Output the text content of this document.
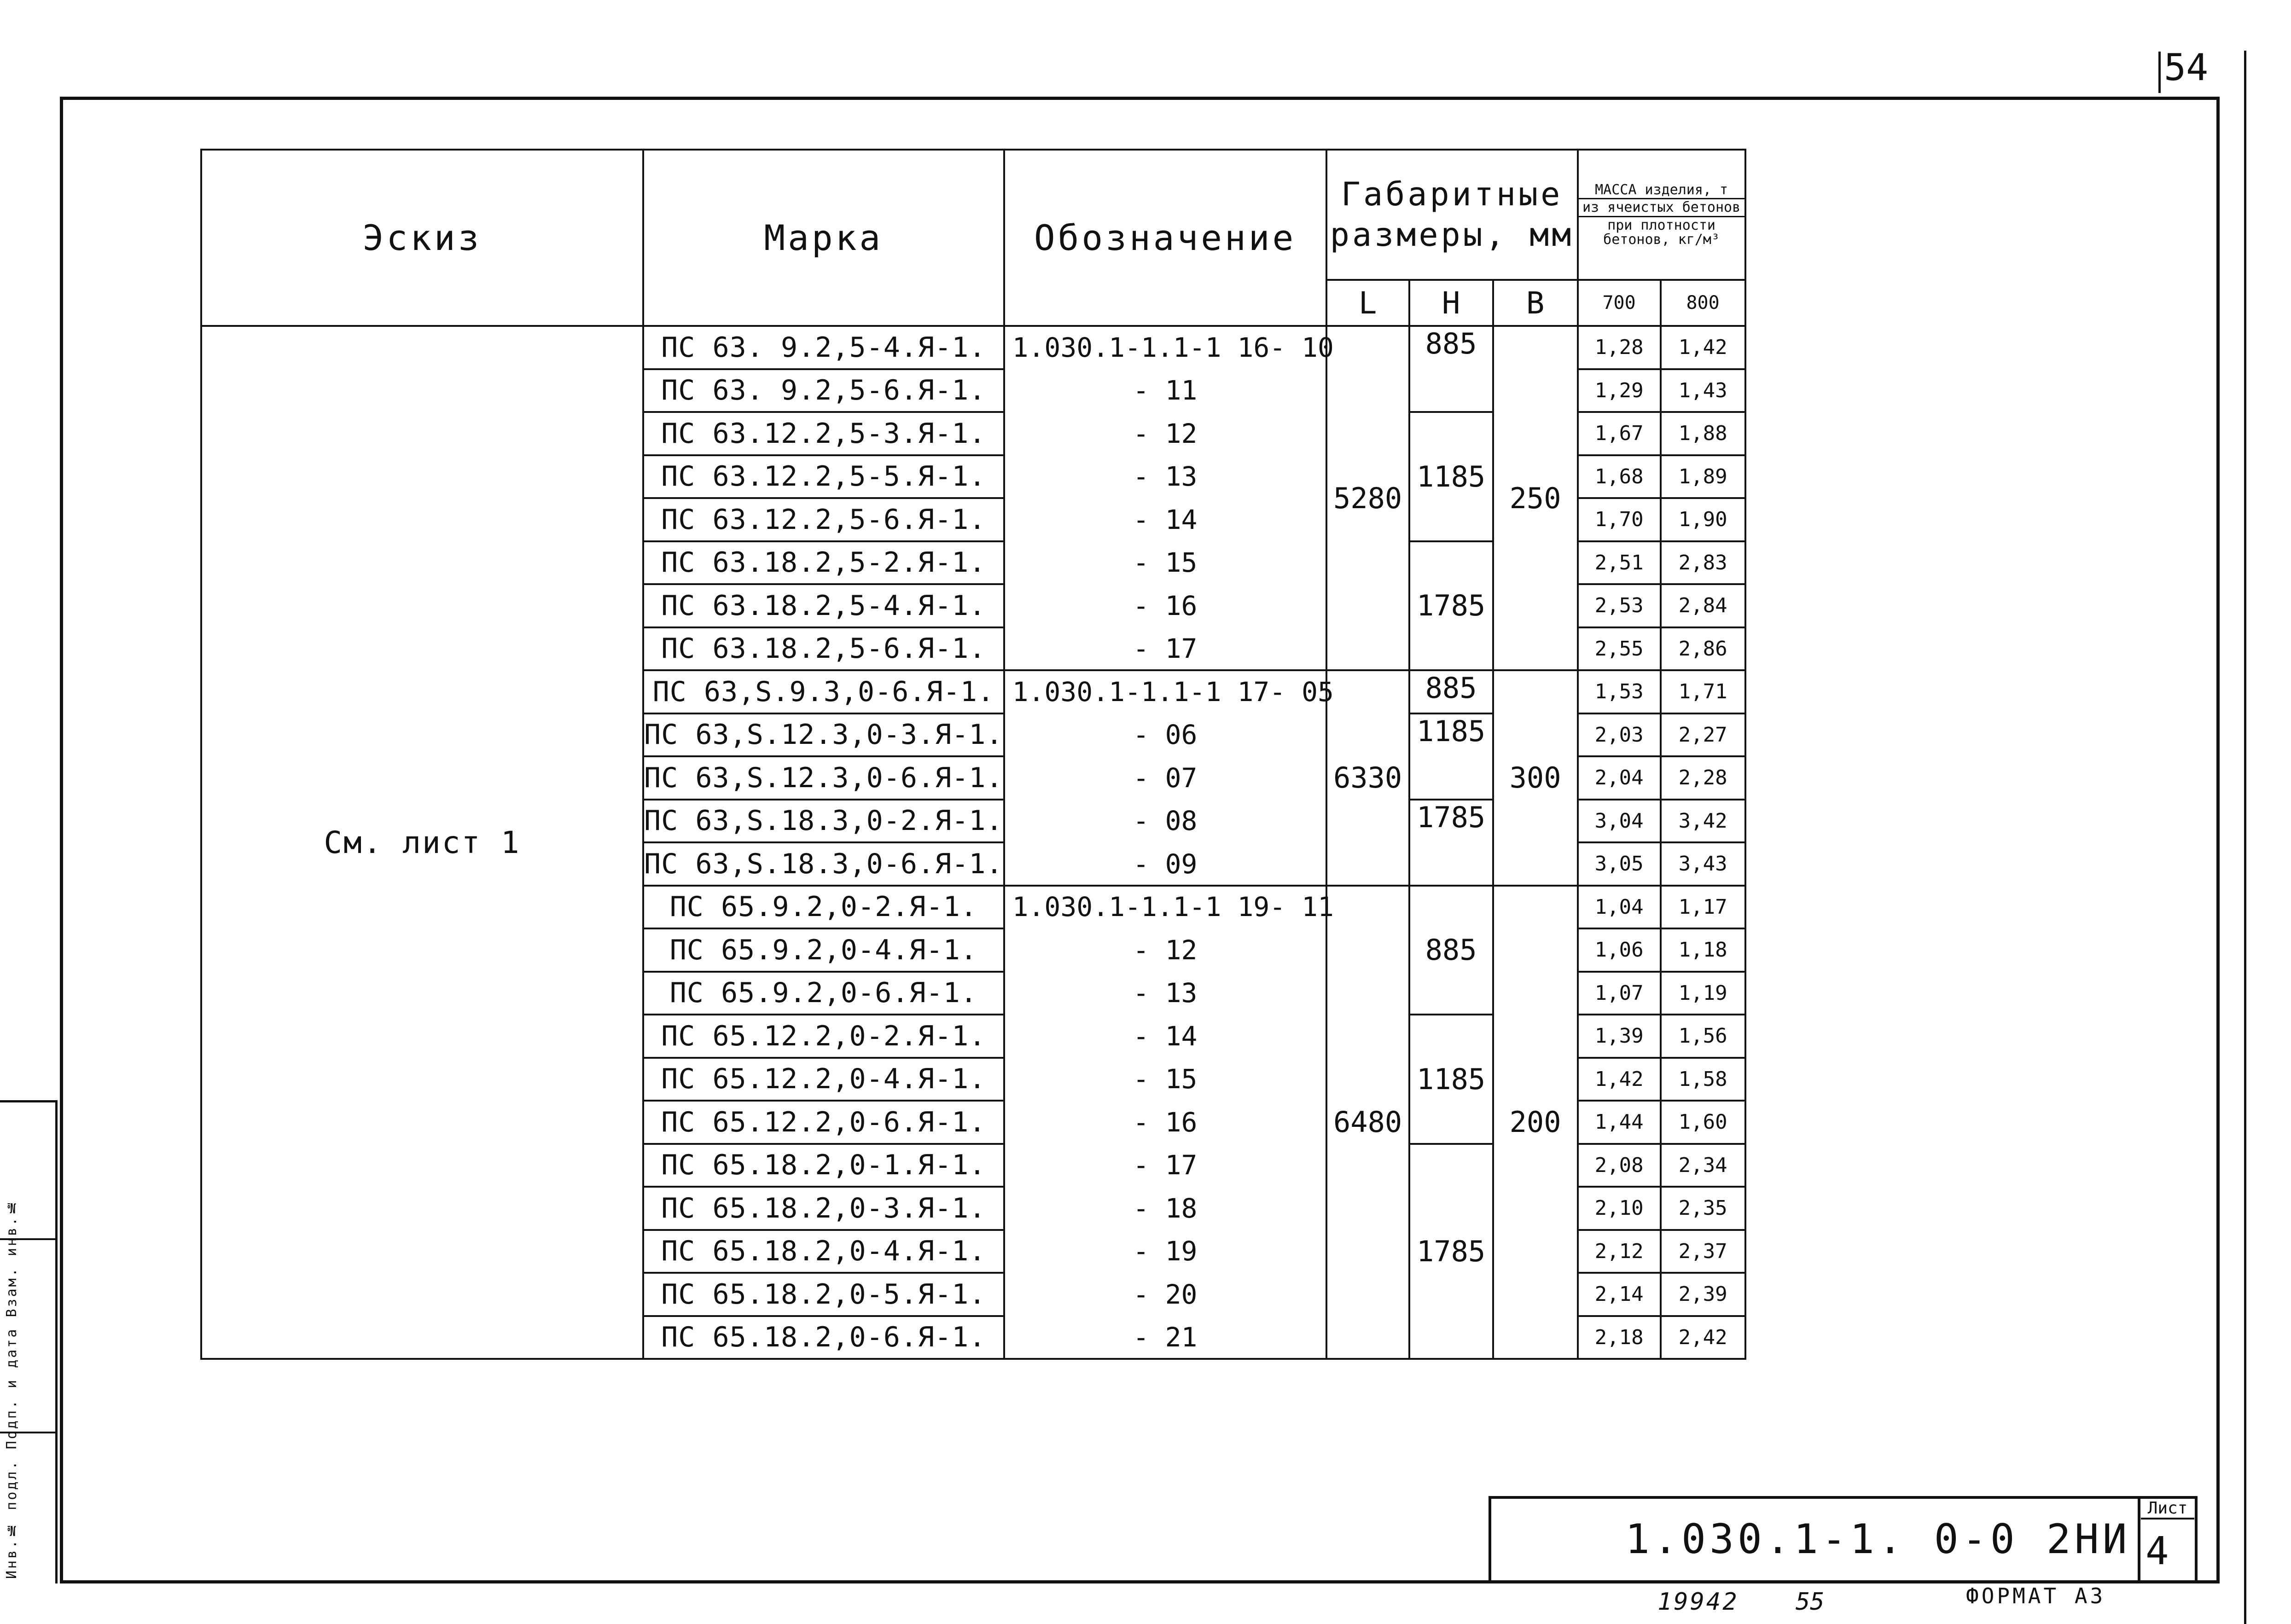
54
Инв.№ подл. Подп. и дата Взам. инв.№
Эскиз	Марка	Обозначение	Габаритные размеры, мм			МАССА изделия, т
из ячеистых бетонов
при плотности бетонов, кг/м³	

			L	H	B	700	800
См. лист 1	ПС 63. 9.2,5-4.Я-1.	1.030.1-1.1-1 16 - 10	5280	885	250	1,28	1,42
	ПС 63. 9.2,5-6.Я-1.	- 11				1,29	1,43
	ПС 63.12.2,5-3.Я-1.	- 12		1185		1,67	1,88
	ПС 63.12.2,5-5.Я-1.	- 13				1,68	1,89
	ПС 63.12.2,5-6.Я-1.	- 14				1,70	1,90
	ПС 63.18.2,5-2.Я-1.	- 15		1785		2,51	2,83
	ПС 63.18.2,5-4.Я-1.	- 16				2,53	2,84
	ПС 63.18.2,5-6.Я-1.	- 17				2,55	2,86
	ПС 63,S.9.3,0-6.Я-1.	1.030.1-1.1-1 17 - 05	6330	885	300	1,53	1,71
	ПС 63,S.12.3,0-3.Я-1.	- 06		1185		2,03	2,27
	ПС 63,S.12.3,0-6.Я-1.	- 07				2,04	2,28
	ПС 63,S.18.3,0-2.Я-1.	- 08		1785		3,04	3,42
	ПС 63,S.18.3,0-6.Я-1.	- 09				3,05	3,43
	ПС 65.9.2,0-2.Я-1.	1.030.1-1.1-1 19 - 11	6480	885	200	1,04	1,17
	ПС 65.9.2,0-4.Я-1.	- 12				1,06	1,18
	ПС 65.9.2,0-6.Я-1.	- 13				1,07	1,19
	ПС 65.12.2,0-2.Я-1.	- 14		1185		1,39	1,56
	ПС 65.12.2,0-4.Я-1.	- 15				1,42	1,58
	ПС 65.12.2,0-6.Я-1.	- 16				1,44	1,60
	ПС 65.18.2,0-1.Я-1.	- 17		1785		2,08	2,34
	ПС 65.18.2,0-3.Я-1.	- 18				2,10	2,35
	ПС 65.18.2,0-4.Я-1.	- 19				2,12	2,37
	ПС 65.18.2,0-5.Я-1.	- 20				2,14	2,39
	ПС 65.18.2,0-6.Я-1.	- 21				2,18	2,42
1.030.1-1. 0-0 2НИ
Лист
4
19942 55	ФОРМАТ А3
